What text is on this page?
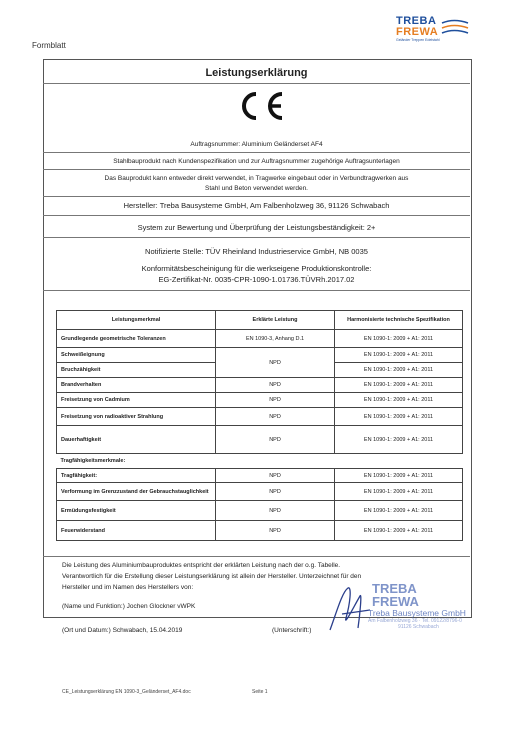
Formblatt
TREBA
FREWA
Geländer Treppen Edelstahl
Leistungserklärung
Auftragsnummer: Aluminium Geländerset AF4
Stahlbauprodukt nach Kundenspezifikation und zur Auftragsnummer zugehörige Auftragsunterlagen
Das Bauprodukt kann entweder direkt verwendet, in Tragwerke eingebaut oder in Verbundtragwerken aus
Stahl und Beton verwendet werden.
Hersteller: Treba Bausysteme GmbH, Am Falbenholzweg 36, 91126 Schwabach
System zur Bewertung und Überprüfung der Leistungsbeständigkeit: 2+
Notifizierte Stelle: TÜV Rheinland Industrieservice GmbH, NB 0035
Konformitätsbescheinigung für die werkseigene Produktionskontrolle:
EG-Zertifikat-Nr. 0035-CPR-1090-1.01736.TÜVRh.2017.02
Leistungsmerkmal	Erklärte Leistung	Harmonisierte technische Spezifikation
Grundlegende geometrische Toleranzen	EN 1090-3, Anhang D.1	EN 1090-1: 2009 + A1: 2011
Schweißeignung	NPD	EN 1090-1: 2009 + A1: 2011
Bruchzähigkeit		EN 1090-1: 2009 + A1: 2011
Brandverhalten	NPD	EN 1090-1: 2009 + A1: 2011
Freisetzung von Cadmium	NPD	EN 1090-1: 2009 + A1: 2011
Freisetzung von radioaktiver Strahlung	NPD	EN 1090-1: 2009 + A1: 2011
Dauerhaftigkeit	NPD	EN 1090-1: 2009 + A1: 2011
Tragfähigkeitsmerkmale:		
Tragfähigkeit:	NPD	EN 1090-1: 2009 + A1: 2011
Verformung im Grenzzustand der Gebrauchstauglichkeit	NPD	EN 1090-1: 2009 + A1: 2011
Ermüdungsfestigkeit	NPD	EN 1090-1: 2009 + A1: 2011
Feuerwiderstand	NPD	EN 1090-1: 2009 + A1: 2011
Die Leistung des Aluminiumbauproduktes entspricht der erklärten Leistung nach der o.g. Tabelle.
Verantwortlich für die Erstellung dieser Leistungserklärung ist allein der Hersteller. Unterzeichnet für den
Hersteller und im Namen des Herstellers von:
(Name und Funktion:) Jochen Glockner vWPK
(Ort und Datum:) Schwabach, 15.04.2019	(Unterschrift:)
TREBA
FREWA
Treba Bausysteme GmbH
Am Falbenholzweg 36 · Tel. 09122/8796-0
91126 Schwabach
CE_Leistungserklärung EN 1090-3_Geländerset_AF4.doc	Seite 1
